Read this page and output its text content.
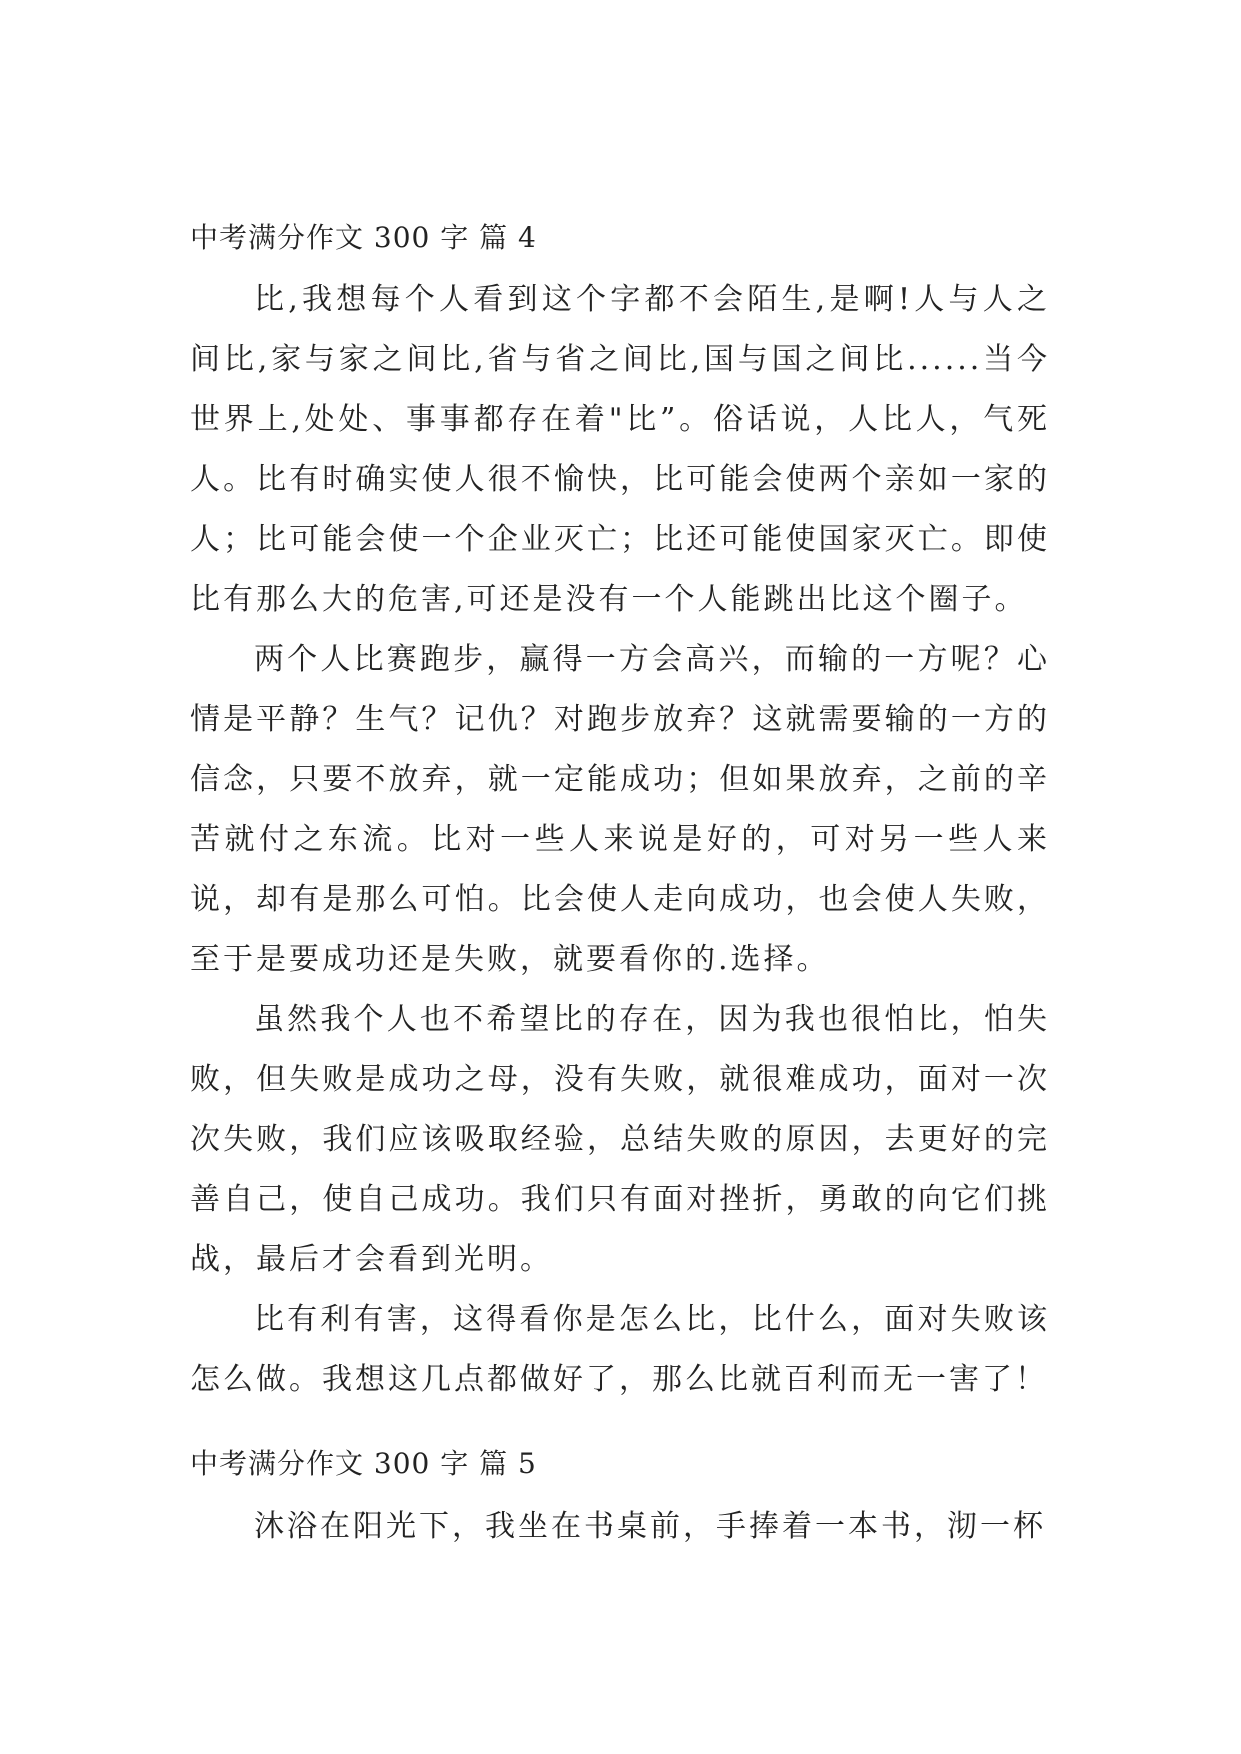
中考满分作文 300 字 篇 4

比,我想每个人看到这个字都不会陌生,是啊!人与人之间比,家与家之间比,省与省之间比,国与国之间比......当今世界上,处处、事事都存在着"比”。俗话说，人比人，气死人。比有时确实使人很不愉快，比可能会使两个亲如一家的人；比可能会使一个企业灭亡；比还可能使国家灭亡。即使比有那么大的危害,可还是没有一个人能跳出比这个圈子。

两个人比赛跑步，赢得一方会高兴，而输的一方呢？心情是平静？生气？记仇？对跑步放弃？这就需要输的一方的信念，只要不放弃，就一定能成功；但如果放弃，之前的辛苦就付之东流。比对一些人来说是好的，可对另一些人来说，却有是那么可怕。比会使人走向成功，也会使人失败，至于是要成功还是失败，就要看你的.选择。

虽然我个人也不希望比的存在，因为我也很怕比，怕失败，但失败是成功之母，没有失败，就很难成功，面对一次次失败，我们应该吸取经验，总结失败的原因，去更好的完善自己，使自己成功。我们只有面对挫折，勇敢的向它们挑战，最后才会看到光明。

比有利有害，这得看你是怎么比，比什么，面对失败该怎么做。我想这几点都做好了，那么比就百利而无一害了！

中考满分作文 300 字 篇 5

沐浴在阳光下，我坐在书桌前，手捧着一本书，沏一杯
